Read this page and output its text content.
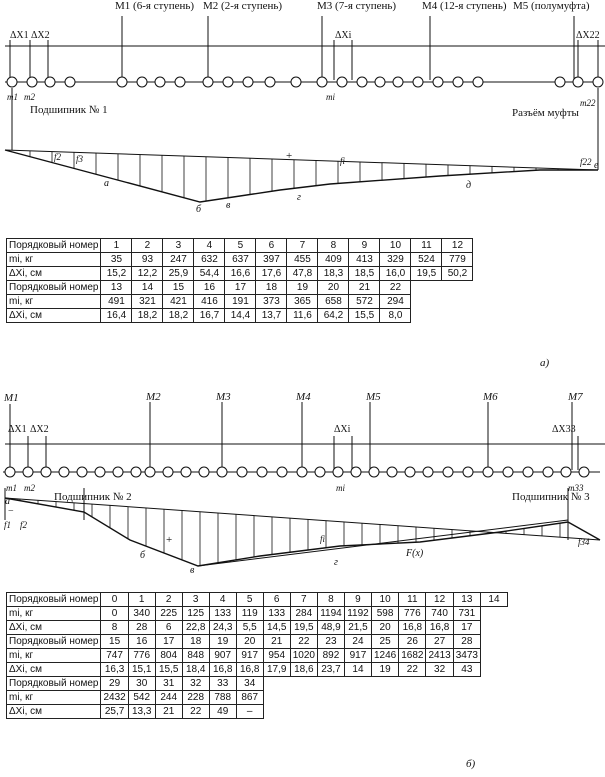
M1 (6-я ступень) M2 (2-я ступень)	M3 (7-я ступень) M4 (12-я ступень) M5 (полумуфта)
ΔX1 ΔX2	ΔXi	ΔX22
m1 m2	mi
m22
Подшипник № 1	Разъём муфты
f2 f3	fi	f22
+
а
б в
г
д
е
Порядковый номер	1	2	3	4	5	6	7	8	9	10	11	12
mi, кг	35	93	247	632	637	397	455	409	413	329	524	779
ΔXi, см	15,2	12,2	25,9	54,4	16,6	17,6	47,8	18,3	18,5	16,0	19,5	50,2
Порядковый номер	13	14	15	16	17	18	19	20	21	22		
mi, кг	491	321	421	416	191	373	365	658	572	294		
ΔXi, см	16,4	18,2	18,2	16,7	14,4	13,7	11,6	64,2	15,5	8,0		
а)
M1	M2	M3	M4	M5	M6	M7
ΔX1 ΔX2	ΔXi	ΔX33
m1 m2	mi	m33
Подшипник № 2	Подшипник № 3
а
−
f1 f2
+
б
в
fi
г
F(x)
f34
Порядковый номер	0	1	2	3	4	5	6	7	8	9	10	11	12	13	14
mi, кг	0	340	225	125	133	119	133	284	1194	1192	598	776	740	731	
ΔXi, см	8	28	6	22,8	24,3	5,5	14,5	19,5	48,9	21,5	20	16,8	16,8	17	
Порядковый номер	15	16	17	18	19	20	21	22	23	24	25	26	27	28	
mi, кг	747	776	804	848	907	917	954	1020	892	917	1246	1682	2413	3473	
ΔXi, см	16,3	15,1	15,5	18,4	16,8	16,8	17,9	18,6	23,7	14	19	22	32	43	
Порядковый номер	29	30	31	32	33	34									
mi, кг	2432	542	244	228	788	867									
ΔXi, см	25,7	13,3	21	22	49	–									
б)
